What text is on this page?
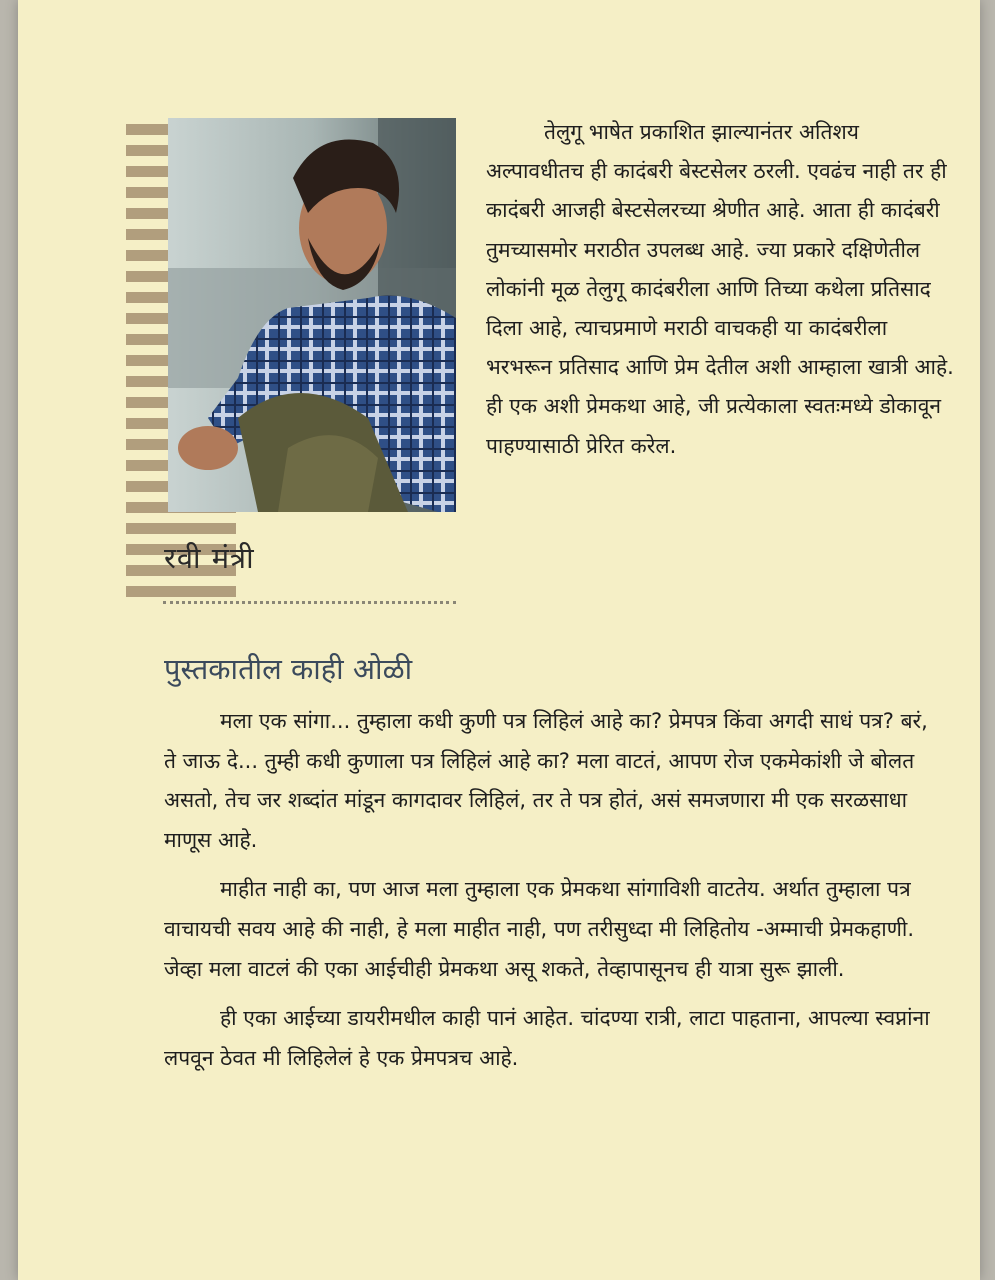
रवी मंत्री

तेलुगू भाषेत प्रकाशित झाल्यानंतर अतिशय अल्पावधीतच ही कादंबरी बेस्टसेलर ठरली. एवढंच नाही तर ही कादंबरी आजही बेस्टसेलरच्या श्रेणीत आहे. आता ही कादंबरी तुमच्यासमोर मराठीत उपलब्ध आहे. ज्या प्रकारे दक्षिणेतील लोकांनी मूळ तेलुगू कादंबरीला आणि तिच्या कथेला प्रतिसाद दिला आहे, त्याचप्रमाणे मराठी वाचकही या कादंबरीला भरभरून प्रतिसाद आणि प्रेम देतील अशी आम्हाला खात्री आहे. ही एक अशी प्रेमकथा आहे, जी प्रत्येकाला स्वतःमध्ये डोकावून पाहण्यासाठी प्रेरित करेल.

पुस्तकातील काही ओळी

मला एक सांगा... तुम्हाला कधी कुणी पत्र लिहिलं आहे का? प्रेमपत्र किंवा अगदी साधं पत्र? बरं, ते जाऊ दे... तुम्ही कधी कुणाला पत्र लिहिलं आहे का? मला वाटतं, आपण रोज एकमेकांशी जे बोलत असतो, तेच जर शब्दांत मांडून कागदावर लिहिलं, तर ते पत्र होतं, असं समजणारा मी एक सरळसाधा माणूस आहे.

माहीत नाही का, पण आज मला तुम्हाला एक प्रेमकथा सांगाविशी वाटतेय. अर्थात तुम्हाला पत्र वाचायची सवय आहे की नाही, हे मला माहीत नाही, पण तरीसुध्दा मी लिहितोय -अम्माची प्रेमकहाणी. जेव्हा मला वाटलं की एका आईचीही प्रेमकथा असू शकते, तेव्हापासूनच ही यात्रा सुरू झाली.

ही एका आईच्या डायरीमधील काही पानं आहेत. चांदण्या रात्री, लाटा पाहताना, आपल्या स्वप्नांना लपवून ठेवत मी लिहिलेलं हे एक प्रेमपत्रच आहे.
